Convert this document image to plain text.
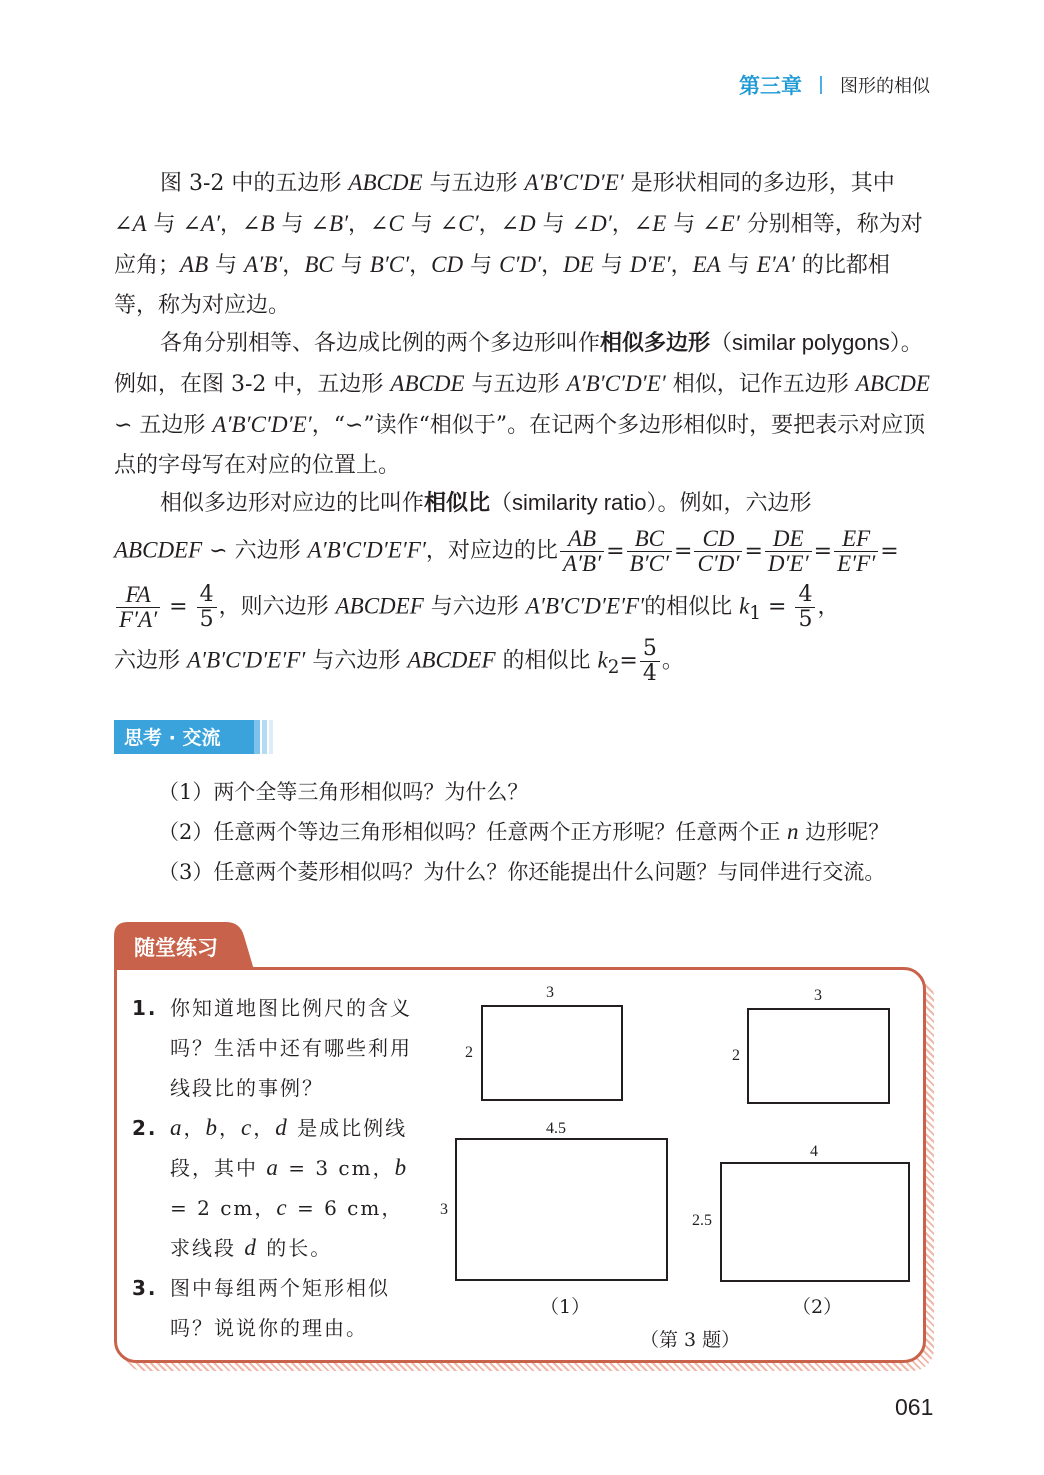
第三章 图形的相似
图 3-2 中的五边形 ABCDE 与五边形 A′B′C′D′E′ 是形状相同的多边形，其中 ∠A 与 ∠A′，∠B 与 ∠B′，∠C 与 ∠C′，∠D 与 ∠D′，∠E 与 ∠E′ 分别相等，称为对应角；AB 与 A′B′，BC 与 B′C′，CD 与 C′D′，DE 与 D′E′，EA 与 E′A′ 的比都相等，称为对应边。
各角分别相等、各边成比例的两个多边形叫作相似多边形（similar polygons）。例如，在图 3-2 中，五边形 ABCDE 与五边形 A′B′C′D′E′ 相似，记作五边形 ABCDE ∽ 五边形 A′B′C′D′E′，“∽”读作“相似于”。在记两个多边形相似时，要把表示对应顶点的字母写在对应的位置上。
相似多边形对应边的比叫作相似比（similarity ratio）。例如，六边形
ABCDEF ∽ 六边形 A′B′C′D′E′F′，对应边的比 $\frac{AB}{A'B'} = \frac{BC}{B'C'} = \frac{CD}{C'D'} = \frac{DE}{D'E'} = \frac{EF}{E'F'}$ =
$\frac{FA}{F'A'} = \frac{4}{5}$ ，则六边形 ABCDEF 与六边形 A′B′C′D′E′F′的相似比 $k_1 = \frac{4}{5}$ ，
六边形 A′B′C′D′E′F′ 与六边形 ABCDEF 的相似比 $k_2= \frac{5}{4}$ 。
思考 · 交流
（1）两个全等三角形相似吗？为什么？
（2）任意两个等边三角形相似吗？任意两个正方形呢？任意两个正 n 边形呢？
（3）任意两个菱形相似吗？为什么？你还能提出什么问题？与同伴进行交流。
随堂练习
1. 你知道地图比例尺的含义吗？生活中还有哪些利用线段比的事例？
2. a，b，c，d 是成比例线段，其中 a = 3 cm，b = 2 cm，c = 6 cm，求线段 d 的长。
3. 图中每组两个矩形相似吗？说说你的理由。
3
2
4.5
3
3
2
4
2.5
（1）	（2）
（第 3 题）
061
